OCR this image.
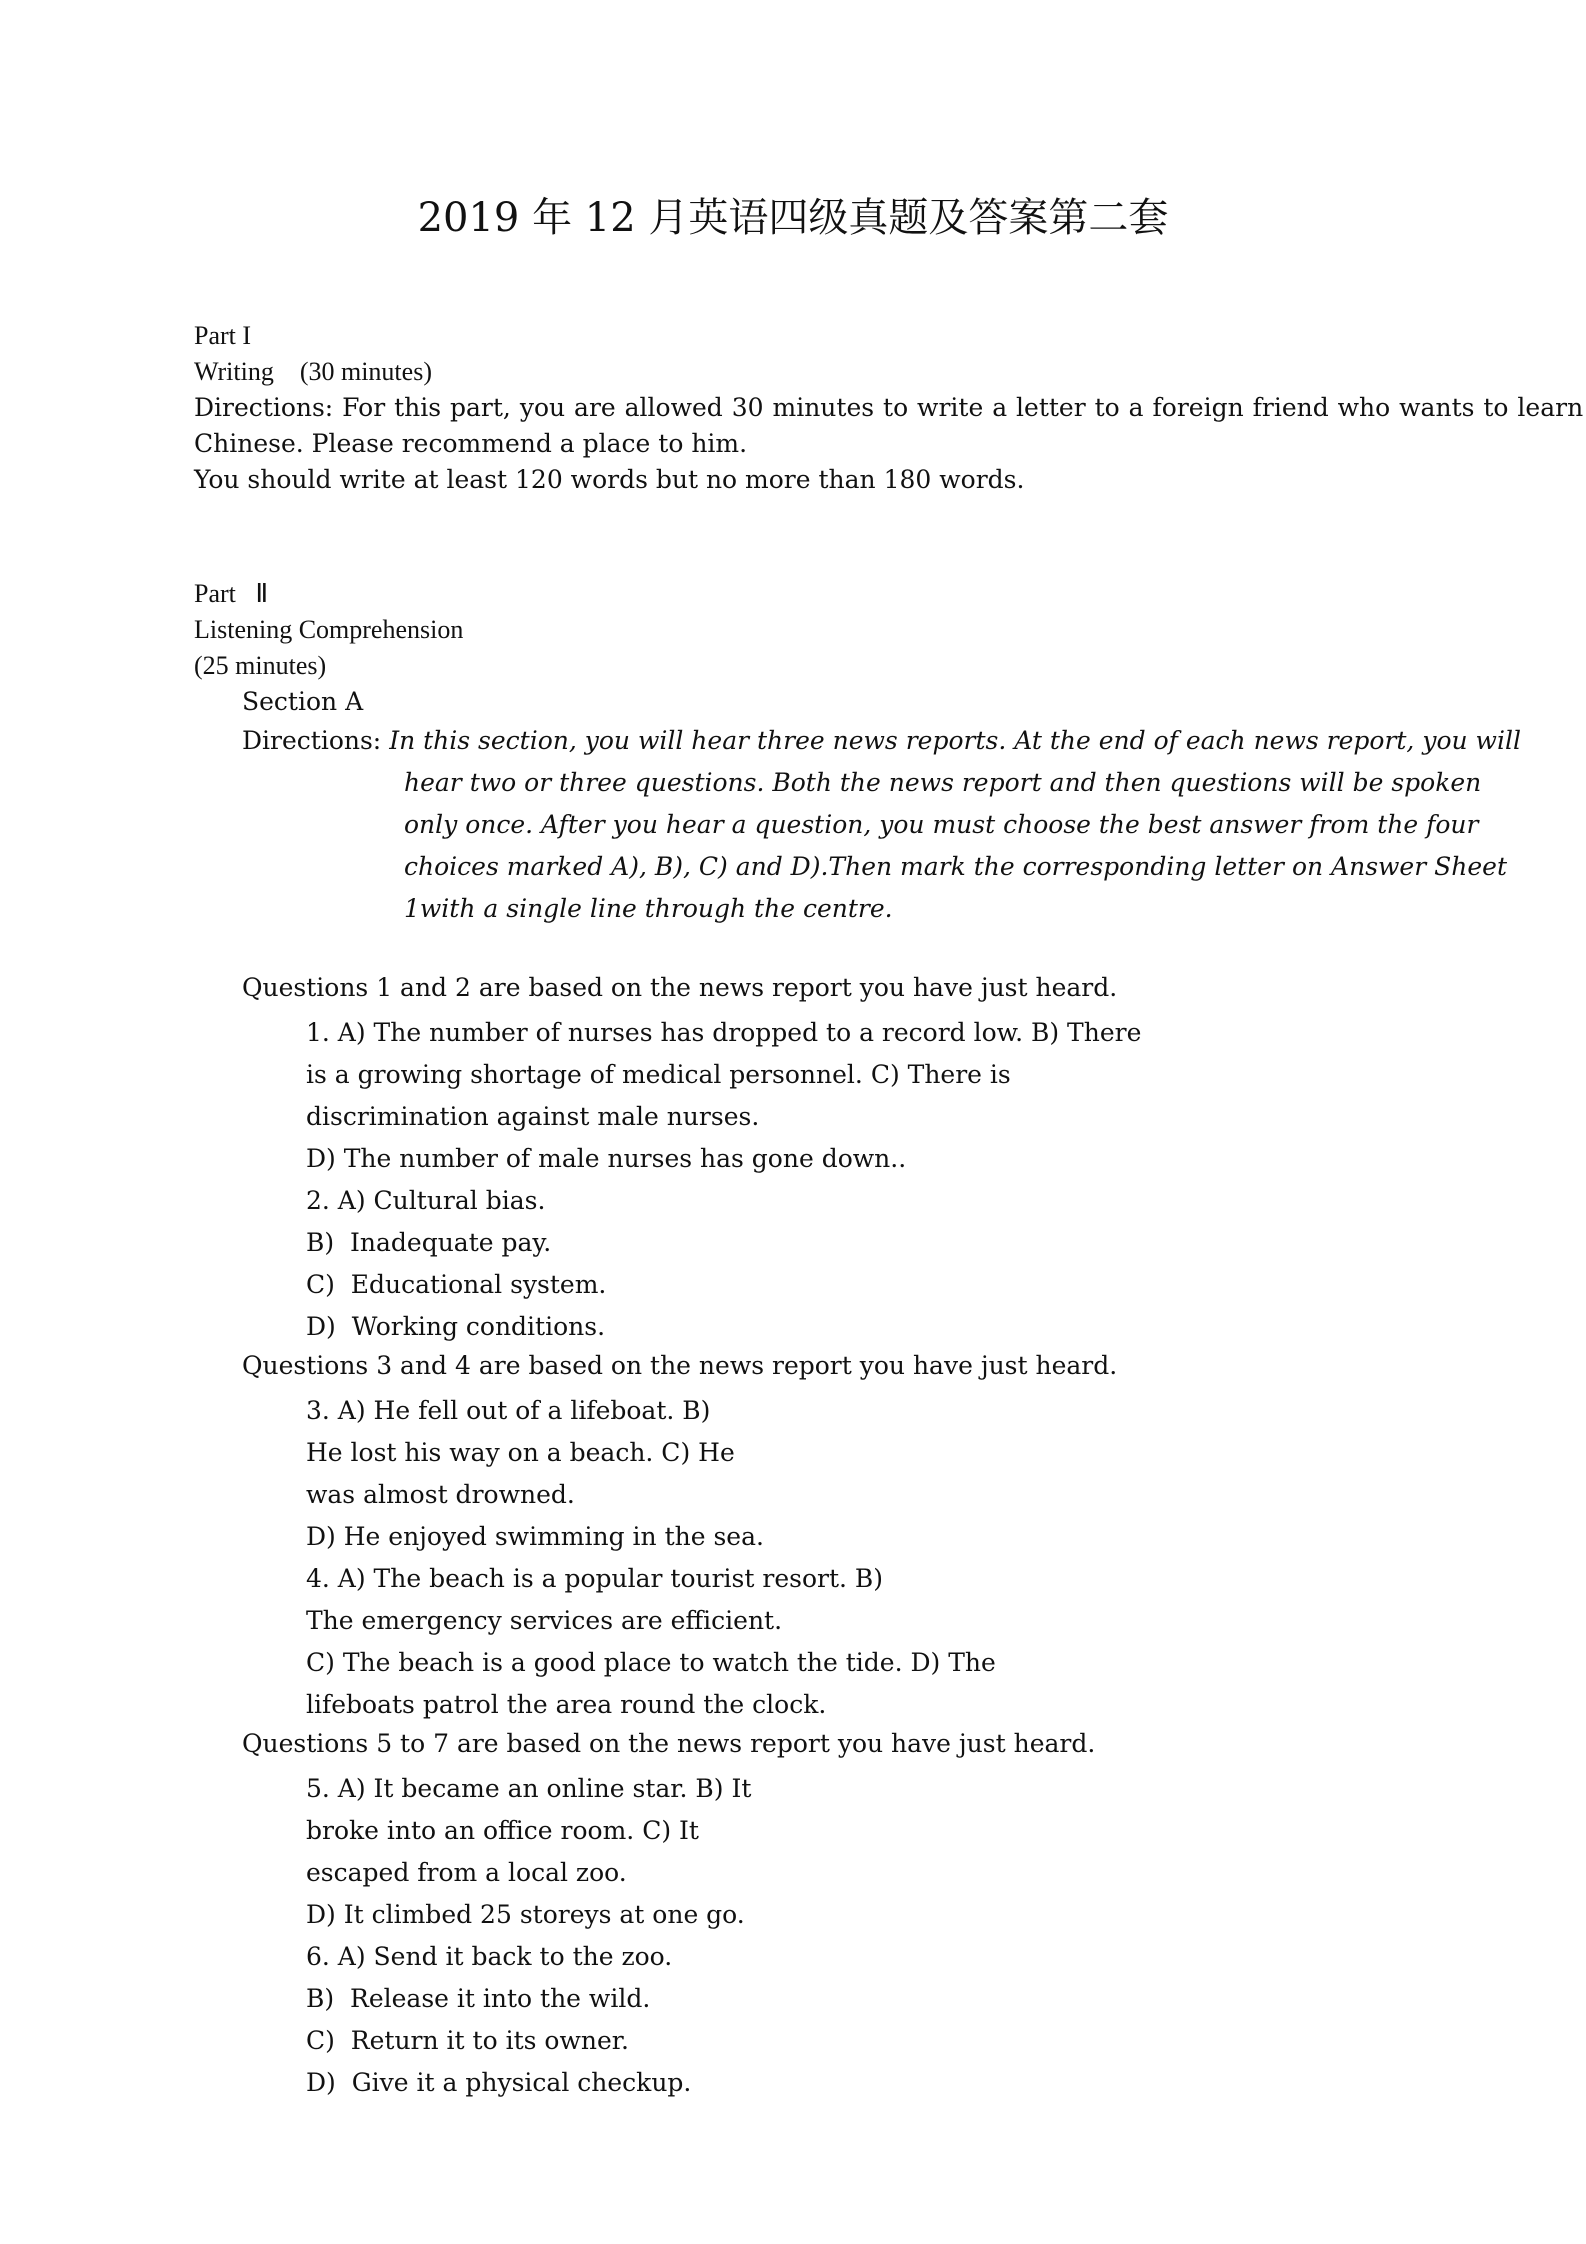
2019 年 12 月英语四级真题及答案第二套
Part I
Writing    (30 minutes)
Directions: For this part, you are allowed 30 minutes to write a letter to a foreign friend who wants to learn
Chinese. Please recommend a place to him.
You should write at least 120 words but no more than 180 words.
Part   Ⅱ
Listening Comprehension
(25 minutes)
Section A
Directions: In this section, you will hear three news reports. At the end of each news report, you will
hear two or three questions. Both the news report and then questions will be spoken
only once. After you hear a question, you must choose the best answer from the four
choices marked A), B), C) and D).Then mark the corresponding letter on Answer Sheet
1with a single line through the centre.
Questions 1 and 2 are based on the news report you have just heard.
1. A) The number of nurses has dropped to a record low. B) There
is a growing shortage of medical personnel. C) There is
discrimination against male nurses.
D) The number of male nurses has gone down..
2. A) Cultural bias.
B)  Inadequate pay.
C)  Educational system.
D)  Working conditions.
Questions 3 and 4 are based on the news report you have just heard.
3. A) He fell out of a lifeboat. B)
He lost his way on a beach. C) He
was almost drowned.
D) He enjoyed swimming in the sea.
4. A) The beach is a popular tourist resort. B)
The emergency services are efficient.
C) The beach is a good place to watch the tide. D) The
lifeboats patrol the area round the clock.
Questions 5 to 7 are based on the news report you have just heard.
5. A) It became an online star. B) It
broke into an office room. C) It
escaped from a local zoo.
D) It climbed 25 storeys at one go.
6. A) Send it back to the zoo.
B)  Release it into the wild.
C)  Return it to its owner.
D)  Give it a physical checkup.
